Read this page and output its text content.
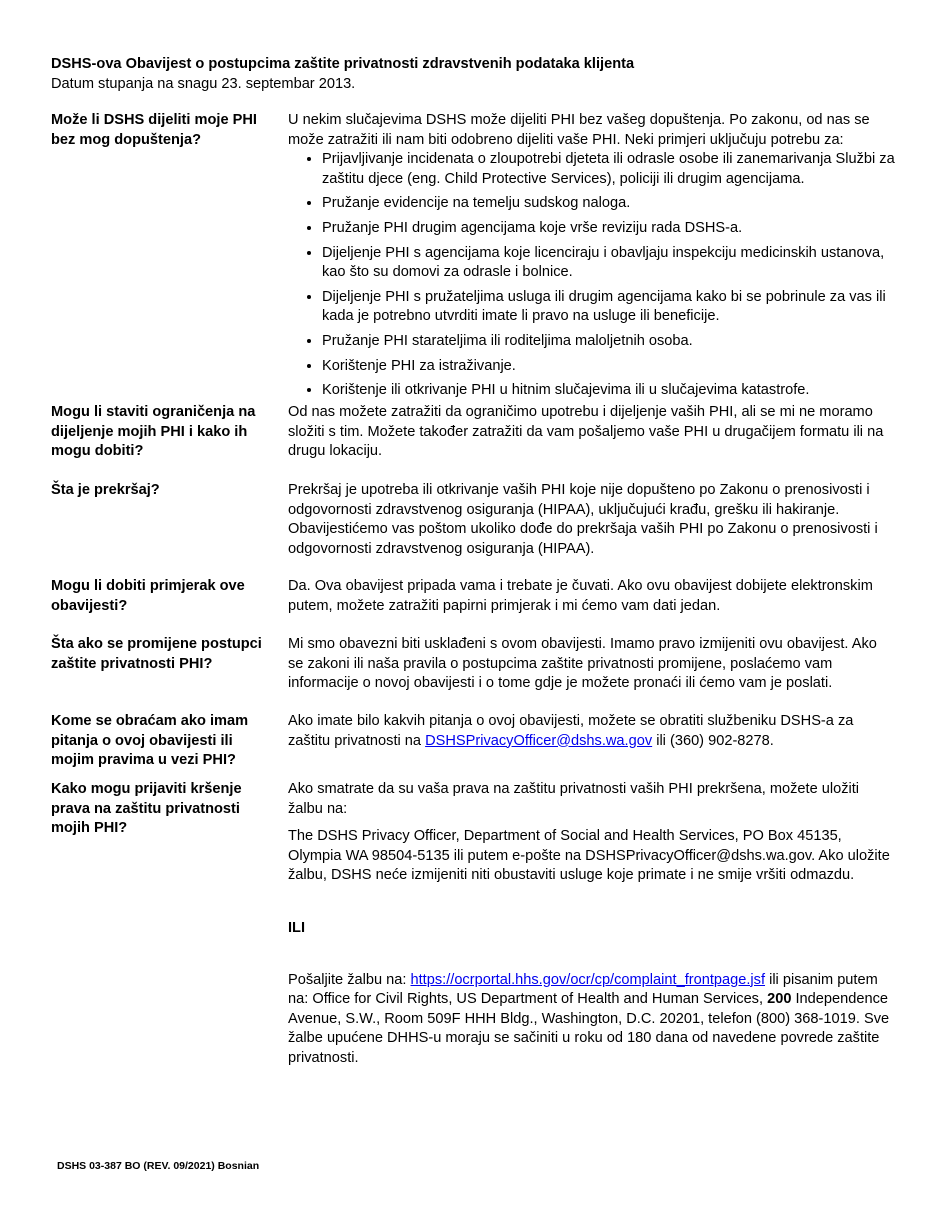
DSHS-ova Obavijest o postupcima zaštite privatnosti zdravstvenih podataka klijenta
Datum stupanja na snagu 23. septembar 2013.
Može li DSHS dijeliti moje PHI bez mog dopuštenja?

U nekim slučajevima DSHS može dijeliti PHI bez vašeg dopuštenja. Po zakonu, od nas se može zatražiti ili nam biti odobreno dijeliti vaše PHI. Neki primjeri uključuju potrebu za:

• Prijavljivanje incidenata o zloupotrebi djeteta ili odrasle osobe ili zanemarivanja Službi za zaštitu djece (eng. Child Protective Services), policiji ili drugim agencijama.
• Pružanje evidencije na temelju sudskog naloga.
• Pružanje PHI drugim agencijama koje vrše reviziju rada DSHS-a.
• Dijeljenje PHI s agencijama koje licenciraju i obavljaju inspekciju medicinskih ustanova, kao što su domovi za odrasle i bolnice.
• Dijeljenje PHI s pružateljima usluga ili drugim agencijama kako bi se pobrinule za vas ili kada je potrebno utvrditi imate li pravo na usluge ili beneficije.
• Pružanje PHI starateljima ili roditeljima maloljetnih osoba.
• Korištenje PHI za istraživanje.
• Korištenje ili otkrivanje PHI u hitnim slučajevima ili u slučajevima katastrofe.
Mogu li staviti ograničenja na dijeljenje mojih PHI i kako ih mogu dobiti?
Od nas možete zatražiti da ograničimo upotrebu i dijeljenje vaših PHI, ali se mi ne moramo složiti s tim. Možete također zatražiti da vam pošaljemo vaše PHI u drugačijem formatu ili na drugu lokaciju.
Šta je prekršaj?	Prekršaj je upotreba ili otkrivanje vaših PHI koje nije dopušteno po Zakonu o prenosivosti i odgovornosti zdravstvenog osiguranja (HIPAA), uključujući krađu, grešku ili hakiranje. Obavijestićemo vas poštom ukoliko dođe do prekršaja vaših PHI po Zakonu o prenosivosti i odgovornosti zdravstvenog osiguranja (HIPAA).
Mogu li dobiti primjerak ove obavijesti?
Da. Ova obavijest pripada vama i trebate je čuvati. Ako ovu obavijest dobijete elektronskim putem, možete zatražiti papirni primjerak i mi ćemo vam dati jedan.
Šta ako se promijene postupci zaštite privatnosti PHI?
Mi smo obavezni biti usklađeni s ovom obavijesti. Imamo pravo izmijeniti ovu obavijest. Ako se zakoni ili naša pravila o postupcima zaštite privatnosti promijene, poslaćemo vam informacije o novoj obavijesti i o tome gdje je možete pronaći ili ćemo vam je poslati.
Kome se obraćam ako imam pitanja o ovoj obavijesti ili mojim pravima u vezi PHI?
Ako imate bilo kakvih pitanja o ovoj obavijesti, možete se obratiti službeniku DSHS-a za zaštitu privatnosti na DSHSPrivacyOfficer@dshs.wa.gov ili (360) 902-8278.
Kako mogu prijaviti kršenje prava na zaštitu privatnosti mojih PHI?

Ako smatrate da su vaša prava na zaštitu privatnosti vaših PHI prekršena, možete uložiti žalbu na:

The DSHS Privacy Officer, Department of Social and Health Services, PO Box 45135, Olympia WA 98504-5135 ili putem e-pošte na DSHSPrivacyOfficer@dshs.wa.gov. Ako uložite žalbu, DSHS neće izmijeniti niti obustaviti usluge koje primate i ne smije vršiti odmazdu.

ILI

Pošaljite žalbu na: https://ocrportal.hhs.gov/ocr/cp/complaint_frontpage.jsf ili pisanim putem na: Office for Civil Rights, US Department of Health and Human Services, 200 Independence Avenue, S.W., Room 509F HHH Bldg., Washington, D.C. 20201, telefon (800) 368-1019. Sve žalbe upućene DHHS-u moraju se sačiniti u roku od 180 dana od navedene povrede zaštite privatnosti.

DSHS 03-387 BO (REV. 09/2021) Bosnian
